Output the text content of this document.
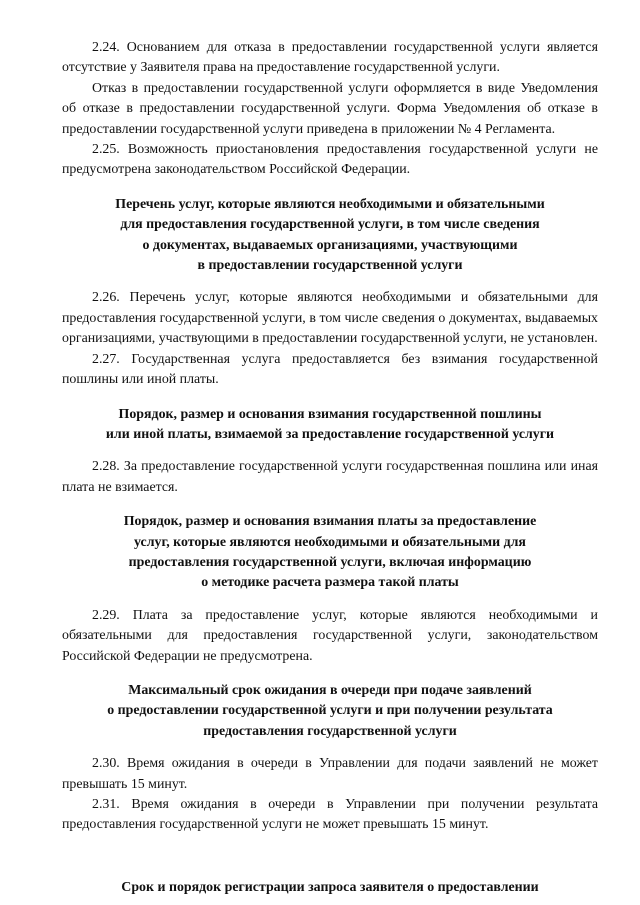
2.24. Основанием для отказа в предоставлении государственной услуги является отсутствие у Заявителя права на предоставление государственной услуги.

Отказ в предоставлении государственной услуги оформляется в виде Уведомления об отказе в предоставлении государственной услуги. Форма Уведомления об отказе в предоставлении государственной услуги приведена в приложении № 4 Регламента.

2.25. Возможность приостановления предоставления государственной услуги не предусмотрена законодательством Российской Федерации.

Перечень услуг, которые являются необходимыми и обязательными
для предоставления государственной услуги, в том числе сведения
о документах, выдаваемых организациями, участвующими
в предоставлении государственной услуги

2.26. Перечень услуг, которые являются необходимыми и обязательными для предоставления государственной услуги, в том числе сведения о документах, выдаваемых организациями, участвующими в предоставлении государственной услуги, не установлен.

2.27. Государственная услуга предоставляется без взимания государственной пошлины или иной платы.

Порядок, размер и основания взимания государственной пошлины
или иной платы, взимаемой за предоставление государственной услуги

2.28. За предоставление государственной услуги государственная пошлина или иная плата не взимается.

Порядок, размер и основания взимания платы за предоставление
услуг, которые являются необходимыми и обязательными для
предоставления государственной услуги, включая информацию
о методике расчета размера такой платы

2.29. Плата за предоставление услуг, которые являются необходимыми и обязательными для предоставления государственной услуги, законодательством Российской Федерации не предусмотрена.

Максимальный срок ожидания в очереди при подаче заявлений
о предоставлении государственной услуги и при получении результата
предоставления государственной услуги

2.30. Время ожидания в очереди в Управлении для подачи заявлений не может превышать 15 минут.

2.31. Время ожидания в очереди в Управлении при получении результата предоставления государственной услуги не может превышать 15 минут.

Срок и порядок регистрации запроса заявителя о предоставлении
